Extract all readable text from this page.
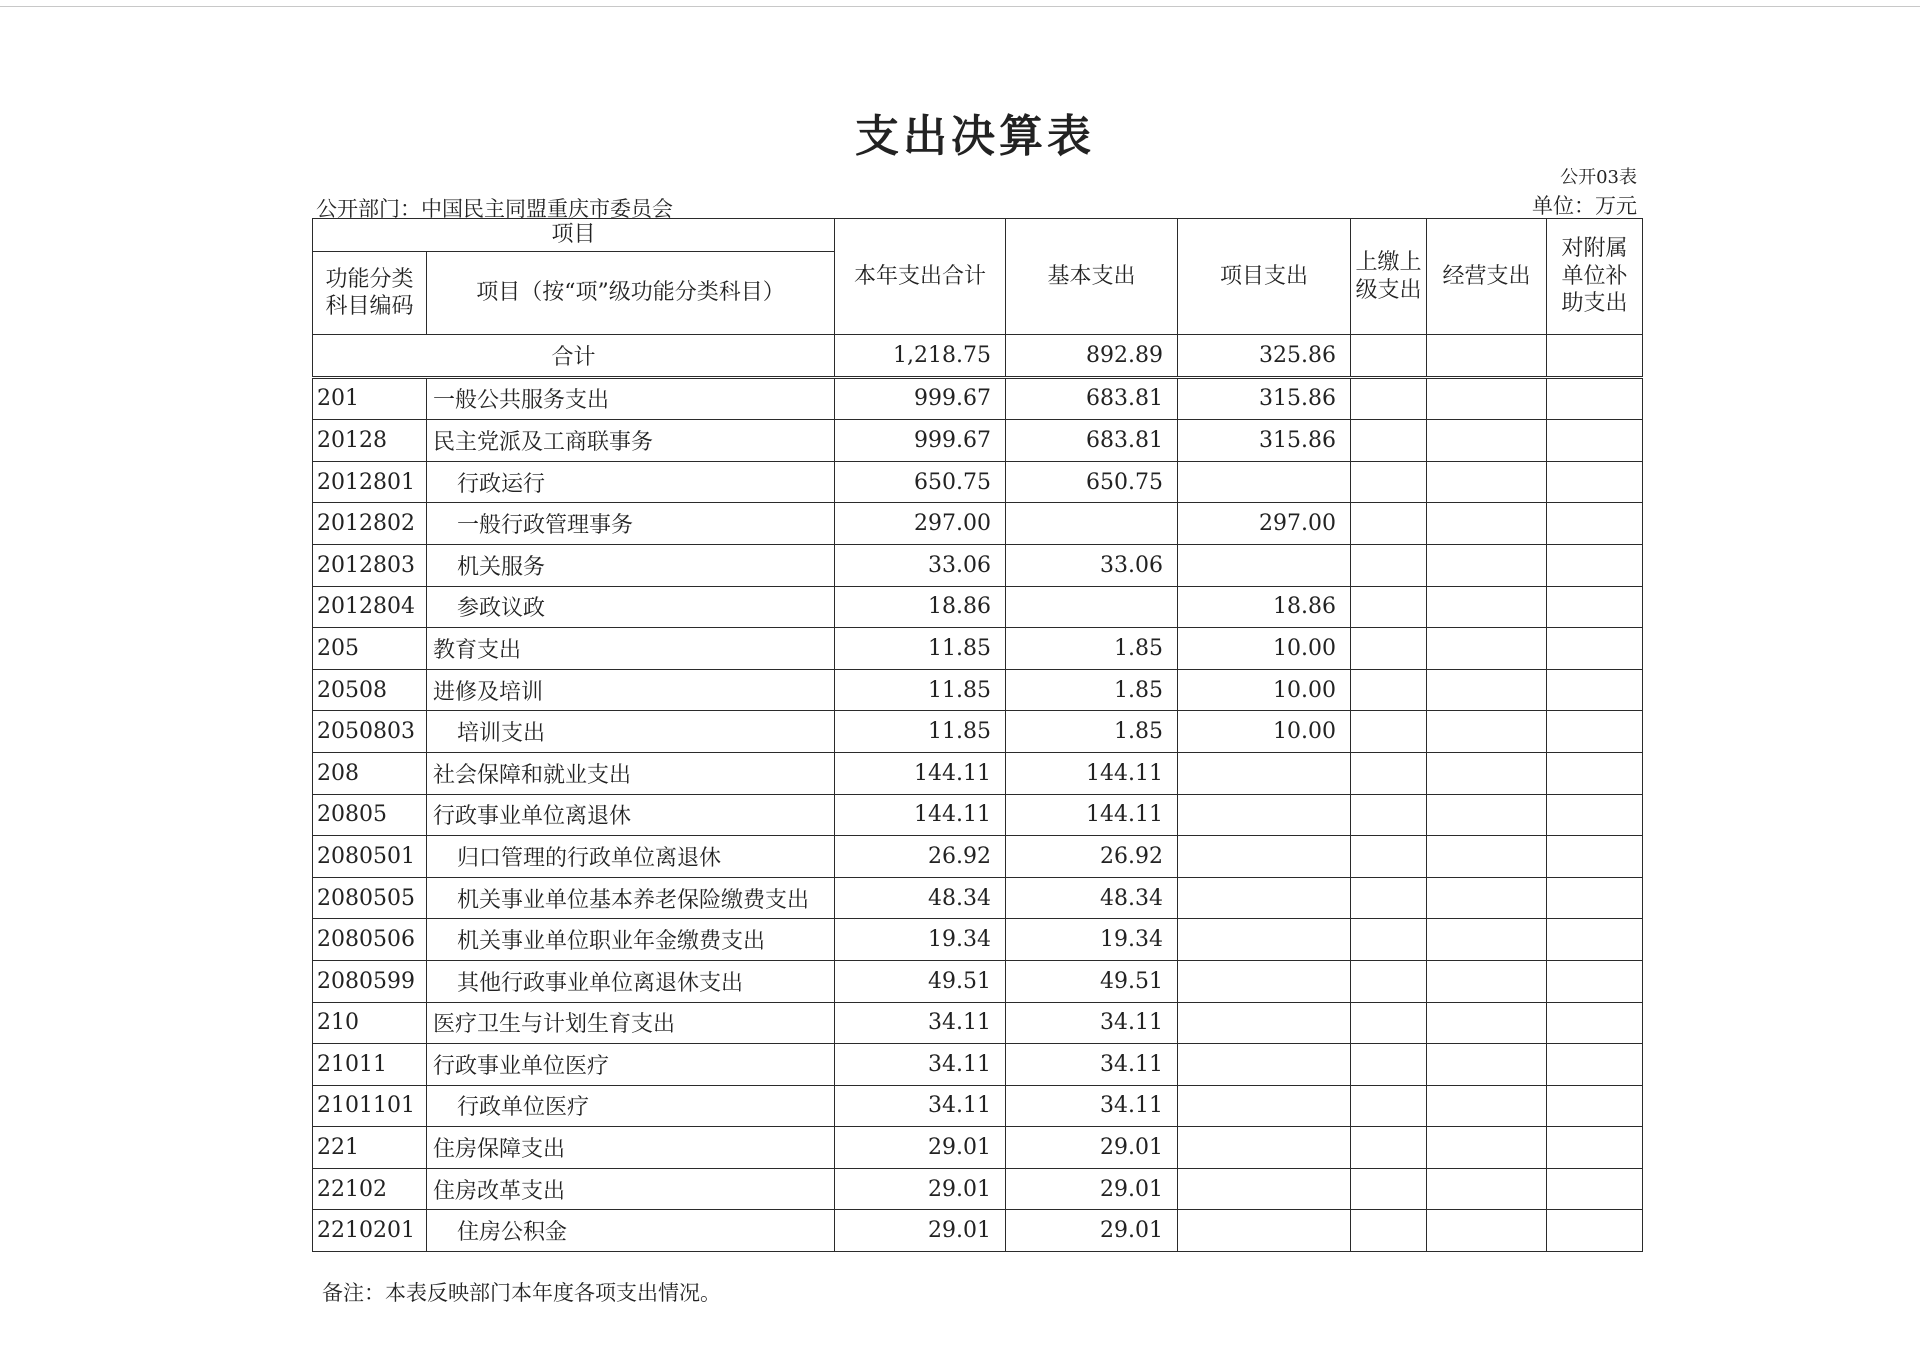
支出决算表
公开03表
公开部门：中国民主同盟重庆市委员会	单位：万元
项目		本年支出合计	基本支出	项目支出	上缴上级支出	经营支出	对附属单位补助支出
功能分类科目编码	项目（按“项”级功能分类科目）						
合计		1,218.75	892.89	325.86			
201	一般公共服务支出	999.67	683.81	315.86			
20128	民主党派及工商联事务	999.67	683.81	315.86			
2012801	行政运行	650.75	650.75				
2012802	一般行政管理事务	297.00		297.00			
2012803	机关服务	33.06	33.06				
2012804	参政议政	18.86		18.86			
205	教育支出	11.85	1.85	10.00			
20508	进修及培训	11.85	1.85	10.00			
2050803	培训支出	11.85	1.85	10.00			
208	社会保障和就业支出	144.11	144.11				
20805	行政事业单位离退休	144.11	144.11				
2080501	归口管理的行政单位离退休	26.92	26.92				
2080505	机关事业单位基本养老保险缴费支出	48.34	48.34				
2080506	机关事业单位职业年金缴费支出	19.34	19.34				
2080599	其他行政事业单位离退休支出	49.51	49.51				
210	医疗卫生与计划生育支出	34.11	34.11				
21011	行政事业单位医疗	34.11	34.11				
2101101	行政单位医疗	34.11	34.11				
221	住房保障支出	29.01	29.01				
22102	住房改革支出	29.01	29.01				
2210201	住房公积金	29.01	29.01				
备注：本表反映部门本年度各项支出情况。
